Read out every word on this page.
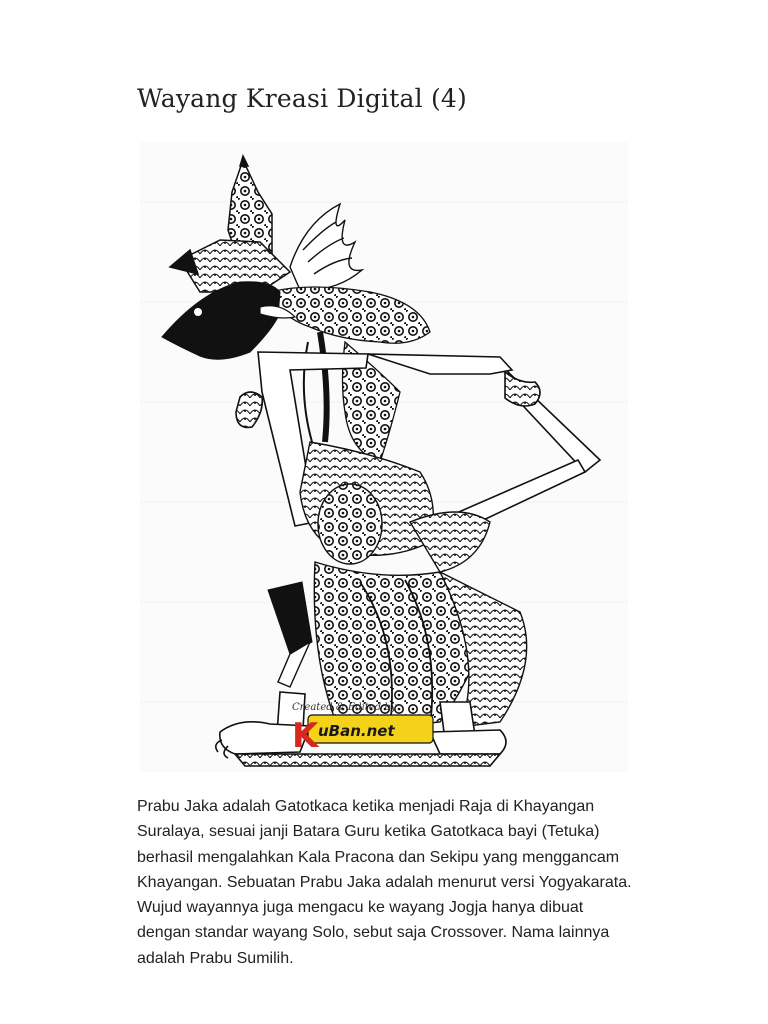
Wayang Kreasi Digital (4)
Created & Edited by
K uBan.net

Prabu Jaka adalah Gatotkaca ketika menjadi Raja di Khayangan Suralaya, sesuai janji Batara Guru ketika Gatotkaca bayi (Tetuka) berhasil mengalahkan Kala Pracona dan Sekipu yang menggancam Khayangan. Sebuatan Prabu Jaka adalah menurut versi Yogyakarata. Wujud wayannya juga mengacu ke wayang Jogja hanya dibuat dengan standar wayang Solo, sebut saja Crossover. Nama lainnya adalah Prabu Sumilih.
